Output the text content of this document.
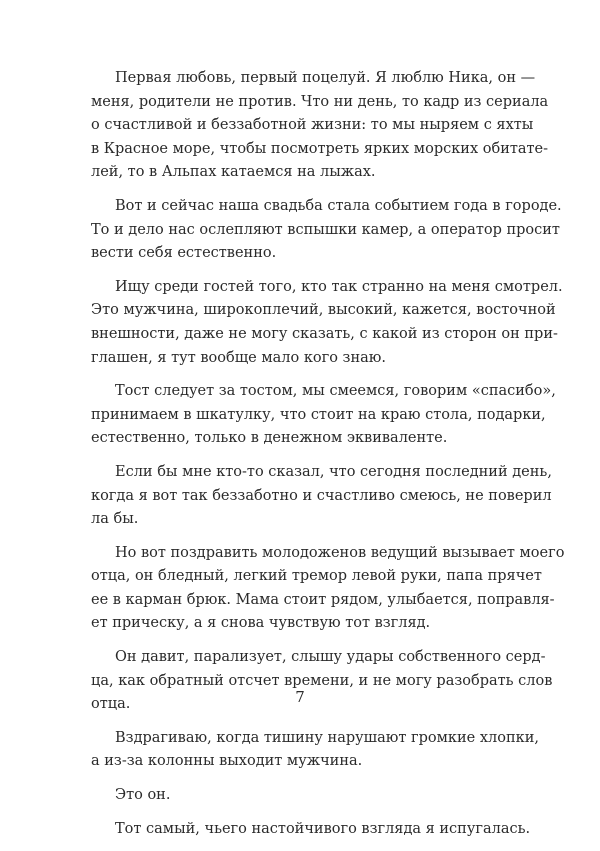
Первая любовь, первый поцелуй. Я люблю Ника, он —
меня, родители не против. Что ни день, то кадр из сериала
о счастливой и беззаботной жизни: то мы ныряем с яхты
в Красное море, чтобы посмотреть ярких морских обитате-
лей, то в Альпах катаемся на лыжах.
Вот и сейчас наша свадьба стала событием года в городе.
То и дело нас ослепляют вспышки камер, а оператор просит
вести себя естественно.
Ищу среди гостей того, кто так странно на меня смотрел.
Это мужчина, широкоплечий, высокий, кажется, восточной
внешности, даже не могу сказать, с какой из сторон он при-
глашен, я тут вообще мало кого знаю.
Тост следует за тостом, мы смеемся, говорим «спасибо»,
принимаем в шкатулку, что стоит на краю стола, подарки,
естественно, только в денежном эквиваленте.
Если бы мне кто-то сказал, что сегодня последний день,
когда я вот так беззаботно и счастливо смеюсь, не поверил
ла бы.
Но вот поздравить молодоженов ведущий вызывает моего
отца, он бледный, легкий тремор левой руки, папа прячет
ее в карман брюк. Мама стоит рядом, улыбается, поправля-
ет прическу, а я снова чувствую тот взгляд.
Он давит, парализует, слышу удары собственного серд-
ца, как обратный отсчет времени, и не могу разобрать слов
отца.
Вздрагиваю, когда тишину нарушают громкие хлопки,
а из-за колонны выходит мужчина.
Это он.
Тот самый, чьего настойчивого взгляда я испугалась.
7
